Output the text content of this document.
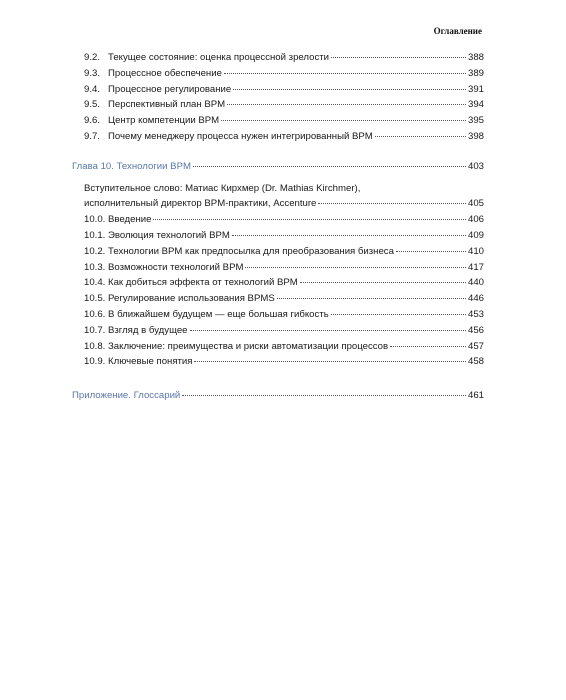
Оглавление
9.2. Текущее состояние: оценка процессной зрелости	388
9.3. Процессное обеспечение	389
9.4. Процессное регулирование	391
9.5. Перспективный план BPM	394
9.6. Центр компетенции BPM	395
9.7. Почему менеджеру процесса нужен интегрированный BPM	398
Глава 10. Технологии BPM	403
Вступительное слово: Матиас Кирхмер (Dr. Mathias Kirchmer),
исполнительный директор BPM-практики, Accenture	405
10.0. Введение	406
10.1. Эволюция технологий BPM	409
10.2. Технологии BPM как предпосылка для преобразования бизнеса	410
10.3. Возможности технологий BPM	417
10.4. Как добиться эффекта от технологий BPM	440
10.5. Регулирование использования BPMS	446
10.6. В ближайшем будущем — еще большая гибкость	453
10.7. Взгляд в будущее	456
10.8. Заключение: преимущества и риски автоматизации процессов	457
10.9. Ключевые понятия	458
Приложение. Глоссарий	461
